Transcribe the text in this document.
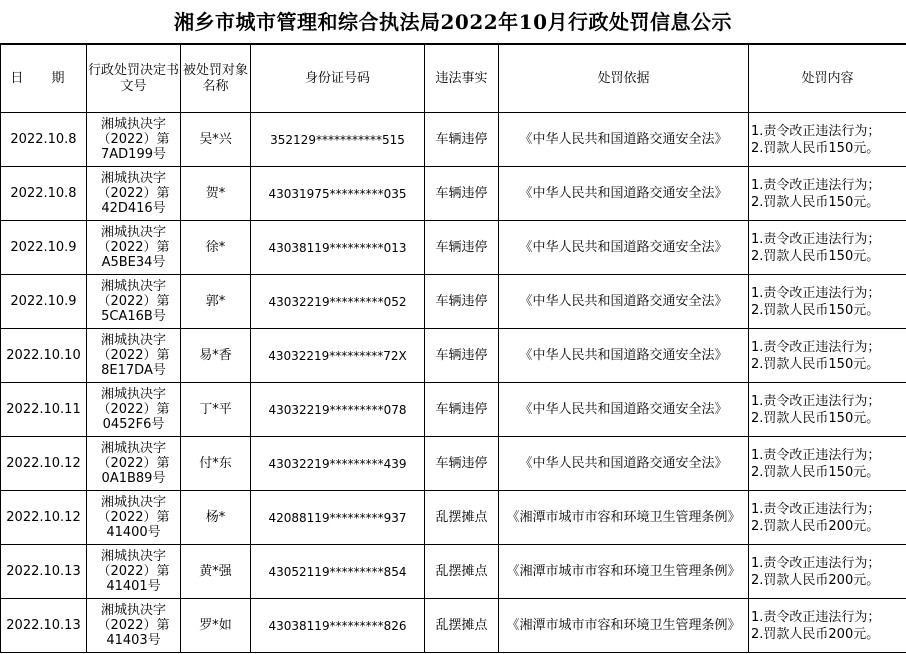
湘乡市城市管理和综合执法局2022年10月行政处罚信息公示
日 期	行政处罚决定书文号	被处罚对象名称	身份证号码	违法事实	处罚依据	处罚内容
2022.10.8	湘城执决字（2022）第7AD199号	吴*兴	352129***********515	车辆违停	《中华人民共和国道路交通安全法》	1.责令改正违法行为；
2.罚款人民币150元。

2022.10.8	湘城执决字（2022）第42D416号	贺*	43031975*********035	车辆违停	《中华人民共和国道路交通安全法》	1.责令改正违法行为；
2.罚款人民币150元。

2022.10.9	湘城执决字（2022）第A5BE34号	徐*	43038119*********013	车辆违停	《中华人民共和国道路交通安全法》	1.责令改正违法行为；
2.罚款人民币150元。

2022.10.9	湘城执决字（2022）第5CA16B号	郭*	43032219*********052	车辆违停	《中华人民共和国道路交通安全法》	1.责令改正违法行为；
2.罚款人民币150元。

2022.10.10	湘城执决字（2022）第8E17DA号	易*香	43032219*********72X	车辆违停	《中华人民共和国道路交通安全法》	1.责令改正违法行为；
2.罚款人民币150元。

2022.10.11	湘城执决字（2022）第0452F6号	丁*平	43032219*********078	车辆违停	《中华人民共和国道路交通安全法》	1.责令改正违法行为；
2.罚款人民币150元。

2022.10.12	湘城执决字（2022）第0A1B89号	付*东	43032219*********439	车辆违停	《中华人民共和国道路交通安全法》	1.责令改正违法行为；
2.罚款人民币150元。

2022.10.12	湘城执决字（2022）第41400号	杨*	42088119*********937	乱摆摊点	《湘潭市城市市容和环境卫生管理条例》	1.责令改正违法行为；
2.罚款人民币200元。

2022.10.13	湘城执决字（2022）第41401号	黄*强	43052119*********854	乱摆摊点	《湘潭市城市市容和环境卫生管理条例》	1.责令改正违法行为；
2.罚款人民币200元。

2022.10.13	湘城执决字（2022）第41403号	罗*如	43038119*********826	乱摆摊点	《湘潭市城市市容和环境卫生管理条例》	1.责令改正违法行为；
2.罚款人民币200元。
